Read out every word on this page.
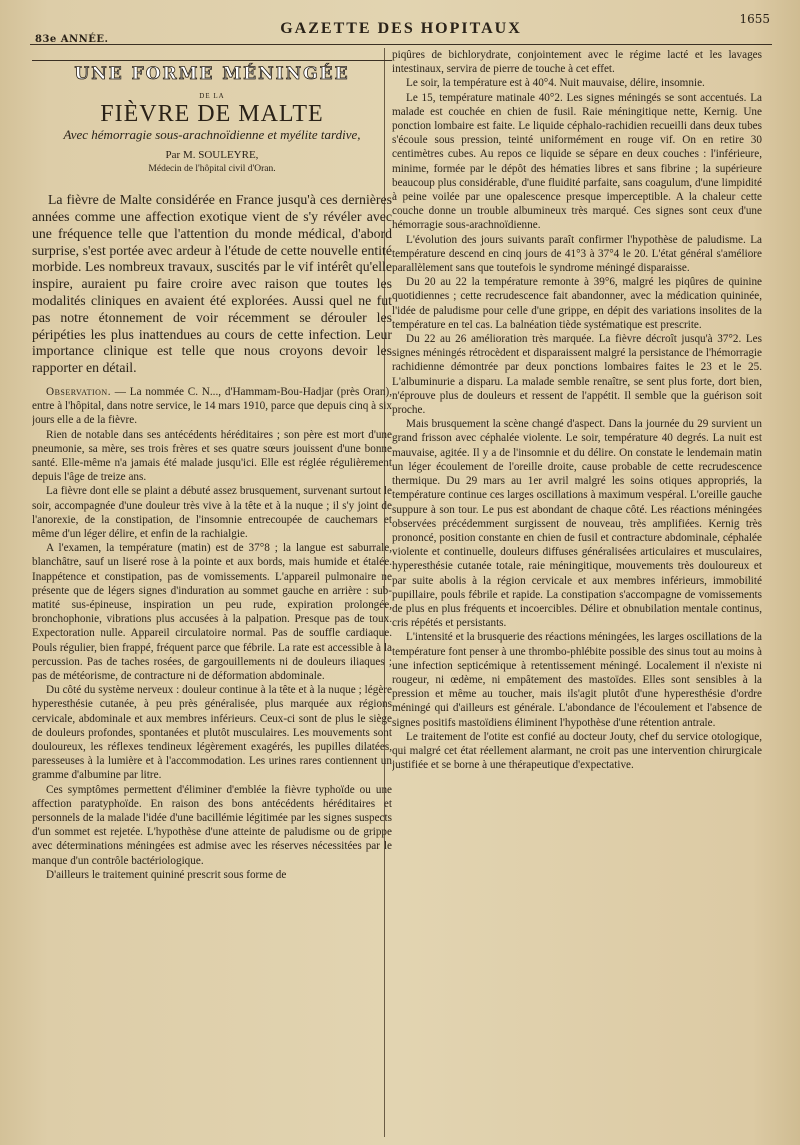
83e ANNÉE.
GAZETTE DES HOPITAUX
1655
UNE FORME MÉNINGÉE
DE LA
FIÈVRE DE MALTE
Avec hémorragie sous-arachnoïdienne et myélite tardive,
Par M. SOULEYRE,
Médecin de l'hôpital civil d'Oran.

La fièvre de Malte considérée en France jusqu'à ces dernières années comme une affection exotique vient de s'y révéler avec une fréquence telle que l'attention du monde médical, d'abord surprise, s'est portée avec ardeur à l'étude de cette nouvelle entité morbide. Les nombreux travaux, suscités par le vif intérêt qu'elle inspire, auraient pu faire croire avec raison que toutes les modalités cliniques en avaient été explorées. Aussi quel ne fut pas notre étonnement de voir récemment se dérouler les péripéties les plus inattendues au cours de cette infection. Leur importance clinique est telle que nous croyons devoir les rapporter en détail.

Observation. — La nommée C. N..., d'Hammam-Bou-Hadjar (près Oran), entre à l'hôpital, dans notre service, le 14 mars 1910, parce que depuis cinq à six jours elle a de la fièvre.

Rien de notable dans ses antécédents héréditaires ; son père est mort d'une pneumonie, sa mère, ses trois frères et ses quatre sœurs jouissent d'une bonne santé. Elle-même n'a jamais été malade jusqu'ici. Elle est réglée régulièrement depuis l'âge de treize ans.

La fièvre dont elle se plaint a débuté assez brusquement, survenant surtout le soir, accompagnée d'une douleur très vive à la tête et à la nuque ; il s'y joint de l'anorexie, de la constipation, de l'insomnie entrecoupée de cauchemars et même d'un léger délire, et enfin de la rachialgie.

A l'examen, la température (matin) est de 37°8 ; la langue est saburrale, blanchâtre, sauf un liseré rose à la pointe et aux bords, mais humide et étalée. Inappétence et constipation, pas de vomissements. L'appareil pulmonaire ne présente que de légers signes d'induration au sommet gauche en arrière : sub-matité sus-épineuse, inspiration un peu rude, expiration prolongée, bronchophonie, vibrations plus accusées à la palpation. Presque pas de toux. Expectoration nulle. Appareil circulatoire normal. Pas de souffle cardiaque. Pouls régulier, bien frappé, fréquent parce que fébrile. La rate est accessible à la percussion. Pas de taches rosées, de gargouillements ni de douleurs iliaques ; pas de météorisme, de contracture ni de déformation abdominale.

Du côté du système nerveux : douleur continue à la tête et à la nuque ; légère hyperesthésie cutanée, à peu près généralisée, plus marquée aux régions cervicale, abdominale et aux membres inférieurs. Ceux-ci sont de plus le siège de douleurs profondes, spontanées et plutôt musculaires. Les mouvements sont douloureux, les réflexes tendineux légèrement exagérés, les pupilles dilatées, paresseuses à la lumière et à l'accommodation. Les urines rares contiennent un gramme d'albumine par litre.

Ces symptômes permettent d'éliminer d'emblée la fièvre typhoïde ou une affection paratyphoïde. En raison des bons antécédents héréditaires et personnels de la malade l'idée d'une bacillémie légitimée par les signes suspects d'un sommet est rejetée. L'hypothèse d'une atteinte de paludisme ou de grippe avec déterminations méningées est admise avec les réserves nécessitées par le manque d'un contrôle bactériologique.

D'ailleurs le traitement quininé prescrit sous forme de

piqûres de bichlorydrate, conjointement avec le régime lacté et les lavages intestinaux, servira de pierre de touche à cet effet.

Le soir, la température est à 40°4. Nuit mauvaise, délire, insomnie.

Le 15, température matinale 40°2. Les signes méningés se sont accentués. La malade est couchée en chien de fusil. Raie méningitique nette, Kernig. Une ponction lombaire est faite. Le liquide céphalo-rachidien recueilli dans deux tubes s'écoule sous pression, teinté uniformément en rouge vif. On en retire 30 centimètres cubes. Au repos ce liquide se sépare en deux couches : l'inférieure, minime, formée par le dépôt des hématies libres et sans fibrine ; la supérieure beaucoup plus considérable, d'une fluidité parfaite, sans coagulum, d'une limpidité à peine voilée par une opalescence presque imperceptible. A la chaleur cette couche donne un trouble albumineux très marqué. Ces signes sont ceux d'une hémorragie sous-arachnoïdienne.

L'évolution des jours suivants paraît confirmer l'hypothèse de paludisme. La température descend en cinq jours de 41°3 à 37°4 le 20. L'état général s'améliore parallèlement sans que toutefois le syndrome méningé disparaisse.

Du 20 au 22 la température remonte à 39°6, malgré les piqûres de quinine quotidiennes ; cette recrudescence fait abandonner, avec la médication quininée, l'idée de paludisme pour celle d'une grippe, en dépit des variations insolites de la température en tel cas. La balnéation tiède systématique est prescrite.

Du 22 au 26 amélioration très marquée. La fièvre décroît jusqu'à 37°2. Les signes méningés rétrocèdent et disparaissent malgré la persistance de l'hémorragie rachidienne démontrée par deux ponctions lombaires faites le 23 et le 25. L'albuminurie a disparu. La malade semble renaître, se sent plus forte, dort bien, n'éprouve plus de douleurs et ressent de l'appétit. Il semble que la guérison soit proche.

Mais brusquement la scène changé d'aspect. Dans la journée du 29 survient un grand frisson avec céphalée violente. Le soir, température 40 degrés. La nuit est mauvaise, agitée. Il y a de l'insomnie et du délire. On constate le lendemain matin un léger écoulement de l'oreille droite, cause probable de cette recrudescence thermique. Du 29 mars au 1er avril malgré les soins otiques appropriés, la température continue ces larges oscillations à maximum vespéral. L'oreille gauche suppure à son tour. Le pus est abondant de chaque côté. Les réactions méningées observées précédemment surgissent de nouveau, très amplifiées. Kernig très prononcé, position constante en chien de fusil et contracture abdominale, céphalée violente et continuelle, douleurs diffuses généralisées articulaires et musculaires, hyperesthésie cutanée totale, raie méningitique, mouvements très douloureux et par suite abolis à la région cervicale et aux membres inférieurs, immobilité pupillaire, pouls fébrile et rapide. La constipation s'accompagne de vomissements de plus en plus fréquents et incoercibles. Délire et obnubilation mentale continus, cris répétés et persistants.

L'intensité et la brusquerie des réactions méningées, les larges oscillations de la température font penser à une thrombo-phlébite possible des sinus tout au moins à une infection septicémique à retentissement méningé. Localement il n'existe ni rougeur, ni œdème, ni empâtement des mastoïdes. Elles sont sensibles à la pression et même au toucher, mais ils'agit plutôt d'une hyperesthésie d'ordre méningé qui d'ailleurs est générale. L'abondance de l'écoulement et l'absence de signes positifs mastoïdiens éliminent l'hypothèse d'une rétention antrale.

Le traitement de l'otite est confié au docteur Jouty, chef du service otologique, qui malgré cet état réellement alarmant, ne croit pas une intervention chirurgicale justifiée et se borne à une thérapeutique d'expectative.
